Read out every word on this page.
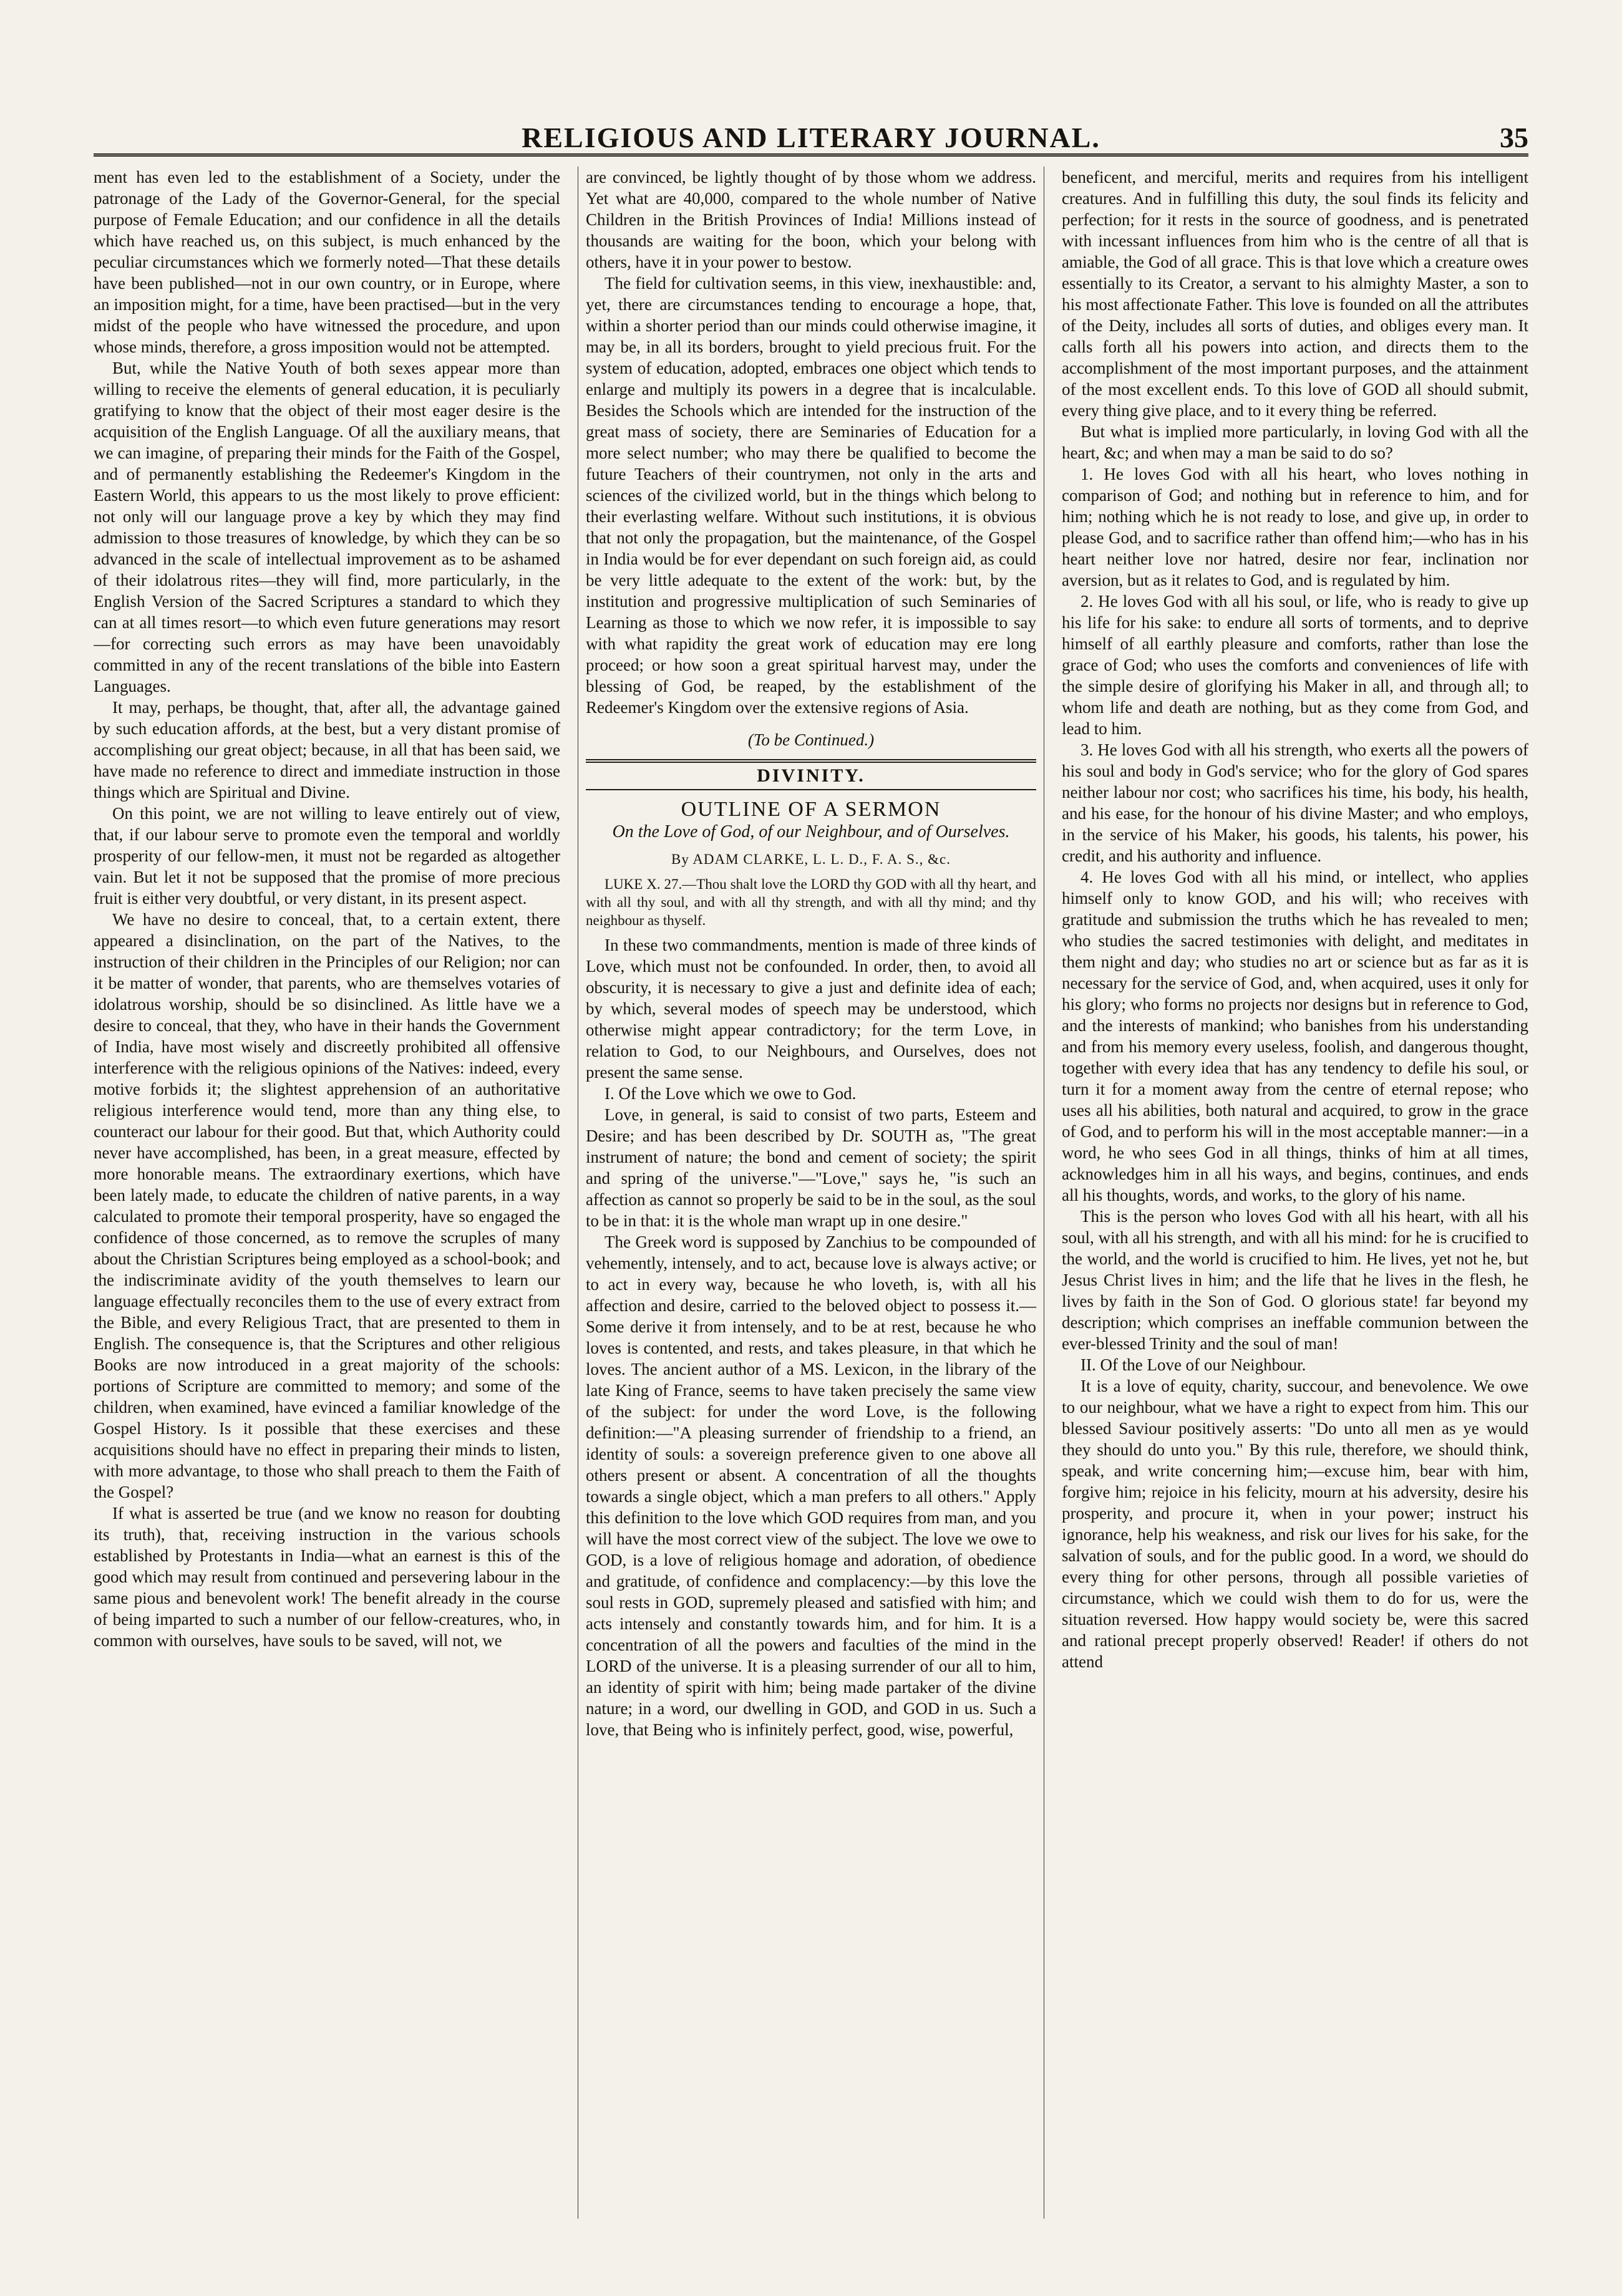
RELIGIOUS AND LITERARY JOURNAL.	35

ment has even led to the establishment of a Society, under the patronage of the Lady of the Governor-General, for the special purpose of Female Education; and our confidence in all the details which have reached us, on this subject, is much enhanced by the peculiar circumstances which we formerly noted—That these details have been published—not in our own country, or in Europe, where an imposition might, for a time, have been practised—but in the very midst of the people who have witnessed the procedure, and upon whose minds, therefore, a gross imposition would not be attempted.

But, while the Native Youth of both sexes appear more than willing to receive the elements of general education, it is peculiarly gratifying to know that the object of their most eager desire is the acquisition of the English Language. Of all the auxiliary means, that we can imagine, of preparing their minds for the Faith of the Gospel, and of permanently establishing the Redeemer's Kingdom in the Eastern World, this appears to us the most likely to prove efficient: not only will our language prove a key by which they may find admission to those treasures of knowledge, by which they can be so advanced in the scale of intellectual improvement as to be ashamed of their idolatrous rites—they will find, more particularly, in the English Version of the Sacred Scriptures a standard to which they can at all times resort—to which even future generations may resort—for correcting such errors as may have been unavoidably committed in any of the recent translations of the bible into Eastern Languages.

It may, perhaps, be thought, that, after all, the advantage gained by such education affords, at the best, but a very distant promise of accomplishing our great object; because, in all that has been said, we have made no reference to direct and immediate instruction in those things which are Spiritual and Divine.

On this point, we are not willing to leave entirely out of view, that, if our labour serve to promote even the temporal and worldly prosperity of our fellow-men, it must not be regarded as altogether vain. But let it not be supposed that the promise of more precious fruit is either very doubtful, or very distant, in its present aspect.

We have no desire to conceal, that, to a certain extent, there appeared a disinclination, on the part of the Natives, to the instruction of their children in the Principles of our Religion; nor can it be matter of wonder, that parents, who are themselves votaries of idolatrous worship, should be so disinclined. As little have we a desire to conceal, that they, who have in their hands the Government of India, have most wisely and discreetly prohibited all offensive interference with the religious opinions of the Natives: indeed, every motive forbids it; the slightest apprehension of an authoritative religious interference would tend, more than any thing else, to counteract our labour for their good. But that, which Authority could never have accomplished, has been, in a great measure, effected by more honorable means. The extraordinary exertions, which have been lately made, to educate the children of native parents, in a way calculated to promote their temporal prosperity, have so engaged the confidence of those concerned, as to remove the scruples of many about the Christian Scriptures being employed as a school-book; and the indiscriminate avidity of the youth themselves to learn our language effectually reconciles them to the use of every extract from the Bible, and every Religious Tract, that are presented to them in English. The consequence is, that the Scriptures and other religious Books are now introduced in a great majority of the schools: portions of Scripture are committed to memory; and some of the children, when examined, have evinced a familiar knowledge of the Gospel History. Is it possible that these exercises and these acquisitions should have no effect in preparing their minds to listen, with more advantage, to those who shall preach to them the Faith of the Gospel?

If what is asserted be true (and we know no reason for doubting its truth), that, receiving instruction in the various schools established by Protestants in India—what an earnest is this of the good which may result from continued and persevering labour in the same pious and benevolent work! The benefit already in the course of being imparted to such a number of our fellow-creatures, who, in common with ourselves, have souls to be saved, will not, we

are convinced, be lightly thought of by those whom we address. Yet what are 40,000, compared to the whole number of Native Children in the British Provinces of India! Millions instead of thousands are waiting for the boon, which your belong with others, have it in your power to bestow.

The field for cultivation seems, in this view, inexhaustible: and, yet, there are circumstances tending to encourage a hope, that, within a shorter period than our minds could otherwise imagine, it may be, in all its borders, brought to yield precious fruit. For the system of education, adopted, embraces one object which tends to enlarge and multiply its powers in a degree that is incalculable. Besides the Schools which are intended for the instruction of the great mass of society, there are Seminaries of Education for a more select number; who may there be qualified to become the future Teachers of their countrymen, not only in the arts and sciences of the civilized world, but in the things which belong to their everlasting welfare. Without such institutions, it is obvious that not only the propagation, but the maintenance, of the Gospel in India would be for ever dependant on such foreign aid, as could be very little adequate to the extent of the work: but, by the institution and progressive multiplication of such Seminaries of Learning as those to which we now refer, it is impossible to say with what rapidity the great work of education may ere long proceed; or how soon a great spiritual harvest may, under the blessing of God, be reaped, by the establishment of the Redeemer's Kingdom over the extensive regions of Asia.

(To be Continued.)

DIVINITY.
OUTLINE OF A SERMON
On the Love of God, of our Neighbour, and of Ourselves.
By ADAM CLARKE, L. L. D., F. A. S., &c.

LUKE X. 27.—Thou shalt love the LORD thy GOD with all thy heart, and with all thy soul, and with all thy strength, and with all thy mind; and thy neighbour as thyself.

In these two commandments, mention is made of three kinds of Love, which must not be confounded. In order, then, to avoid all obscurity, it is necessary to give a just and definite idea of each; by which, several modes of speech may be understood, which otherwise might appear contradictory; for the term Love, in relation to God, to our Neighbours, and Ourselves, does not present the same sense.

I. Of the Love which we owe to God.

Love, in general, is said to consist of two parts, Esteem and Desire; and has been described by Dr. SOUTH as, "The great instrument of nature; the bond and cement of society; the spirit and spring of the universe."—"Love," says he, "is such an affection as cannot so properly be said to be in the soul, as the soul to be in that: it is the whole man wrapt up in one desire."

The Greek word is supposed by Zanchius to be compounded of vehemently, intensely, and to act, because love is always active; or to act in every way, because he who loveth, is, with all his affection and desire, carried to the beloved object to possess it.—Some derive it from intensely, and to be at rest, because he who loves is contented, and rests, and takes pleasure, in that which he loves. The ancient author of a MS. Lexicon, in the library of the late King of France, seems to have taken precisely the same view of the subject: for under the word Love, is the following definition:—"A pleasing surrender of friendship to a friend, an identity of souls: a sovereign preference given to one above all others present or absent. A concentration of all the thoughts towards a single object, which a man prefers to all others." Apply this definition to the love which GOD requires from man, and you will have the most correct view of the subject. The love we owe to GOD, is a love of religious homage and adoration, of obedience and gratitude, of confidence and complacency:—by this love the soul rests in GOD, supremely pleased and satisfied with him; and acts intensely and constantly towards him, and for him. It is a concentration of all the powers and faculties of the mind in the LORD of the universe. It is a pleasing surrender of our all to him, an identity of spirit with him; being made partaker of the divine nature; in a word, our dwelling in GOD, and GOD in us. Such a love, that Being who is infinitely perfect, good, wise, powerful,

beneficent, and merciful, merits and requires from his intelligent creatures. And in fulfilling this duty, the soul finds its felicity and perfection; for it rests in the source of goodness, and is penetrated with incessant influences from him who is the centre of all that is amiable, the God of all grace. This is that love which a creature owes essentially to its Creator, a servant to his almighty Master, a son to his most affectionate Father. This love is founded on all the attributes of the Deity, includes all sorts of duties, and obliges every man. It calls forth all his powers into action, and directs them to the accomplishment of the most important purposes, and the attainment of the most excellent ends. To this love of GOD all should submit, every thing give place, and to it every thing be referred.

But what is implied more particularly, in loving God with all the heart, &c; and when may a man be said to do so?

1. He loves God with all his heart, who loves nothing in comparison of God; and nothing but in reference to him, and for him; nothing which he is not ready to lose, and give up, in order to please God, and to sacrifice rather than offend him;—who has in his heart neither love nor hatred, desire nor fear, inclination nor aversion, but as it relates to God, and is regulated by him.

2. He loves God with all his soul, or life, who is ready to give up his life for his sake: to endure all sorts of torments, and to deprive himself of all earthly pleasure and comforts, rather than lose the grace of God; who uses the comforts and conveniences of life with the simple desire of glorifying his Maker in all, and through all; to whom life and death are nothing, but as they come from God, and lead to him.

3. He loves God with all his strength, who exerts all the powers of his soul and body in God's service; who for the glory of God spares neither labour nor cost; who sacrifices his time, his body, his health, and his ease, for the honour of his divine Master; and who employs, in the service of his Maker, his goods, his talents, his power, his credit, and his authority and influence.

4. He loves God with all his mind, or intellect, who applies himself only to know GOD, and his will; who receives with gratitude and submission the truths which he has revealed to men; who studies the sacred testimonies with delight, and meditates in them night and day; who studies no art or science but as far as it is necessary for the service of God, and, when acquired, uses it only for his glory; who forms no projects nor designs but in reference to God, and the interests of mankind; who banishes from his understanding and from his memory every useless, foolish, and dangerous thought, together with every idea that has any tendency to defile his soul, or turn it for a moment away from the centre of eternal repose; who uses all his abilities, both natural and acquired, to grow in the grace of God, and to perform his will in the most acceptable manner:—in a word, he who sees God in all things, thinks of him at all times, acknowledges him in all his ways, and begins, continues, and ends all his thoughts, words, and works, to the glory of his name.

This is the person who loves God with all his heart, with all his soul, with all his strength, and with all his mind: for he is crucified to the world, and the world is crucified to him. He lives, yet not he, but Jesus Christ lives in him; and the life that he lives in the flesh, he lives by faith in the Son of God. O glorious state! far beyond my description; which comprises an ineffable communion between the ever-blessed Trinity and the soul of man!

II. Of the Love of our Neighbour.

It is a love of equity, charity, succour, and benevolence. We owe to our neighbour, what we have a right to expect from him. This our blessed Saviour positively asserts: "Do unto all men as ye would they should do unto you." By this rule, therefore, we should think, speak, and write concerning him;—excuse him, bear with him, forgive him; rejoice in his felicity, mourn at his adversity, desire his prosperity, and procure it, when in your power; instruct his ignorance, help his weakness, and risk our lives for his sake, for the salvation of souls, and for the public good. In a word, we should do every thing for other persons, through all possible varieties of circumstance, which we could wish them to do for us, were the situation reversed. How happy would society be, were this sacred and rational precept properly observed! Reader! if others do not attend
